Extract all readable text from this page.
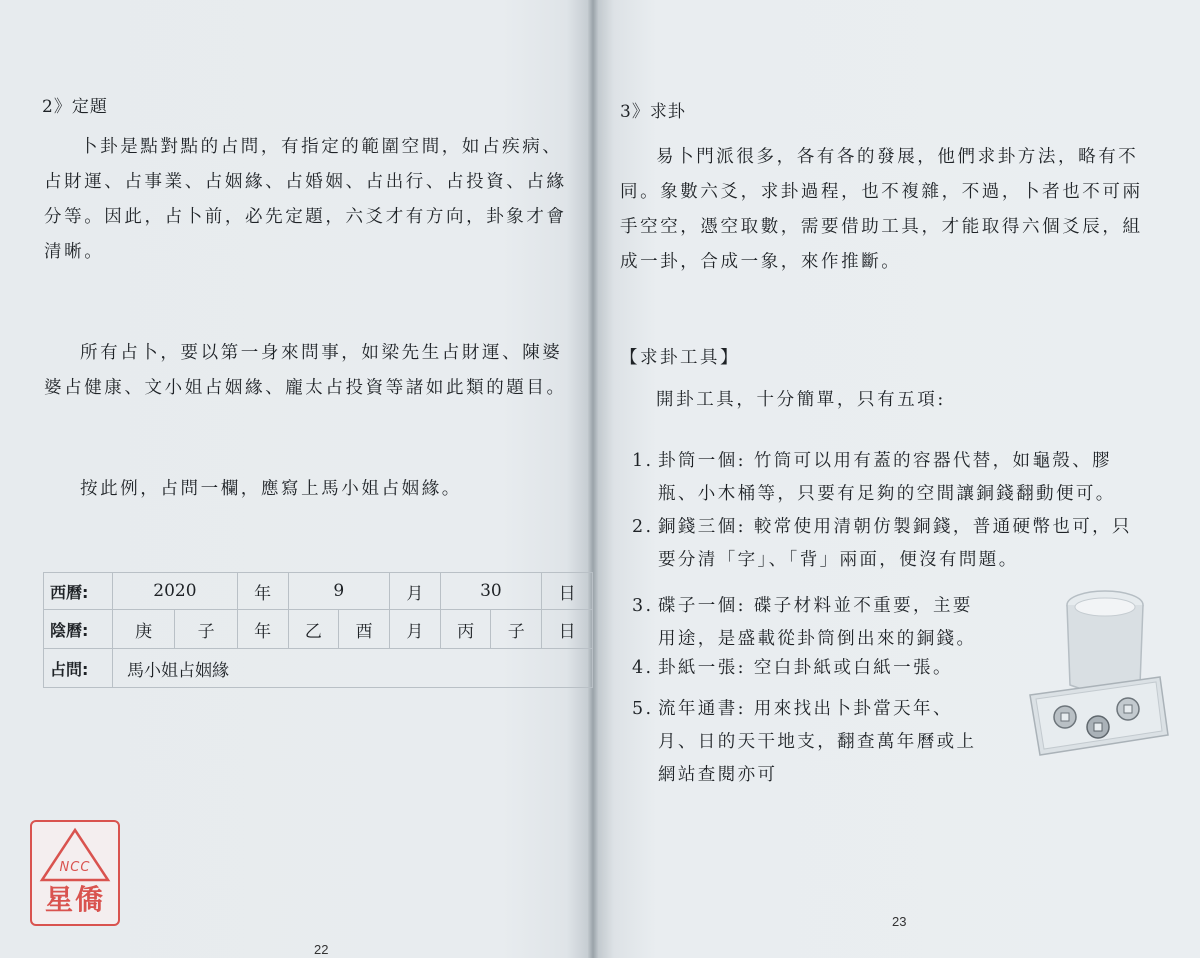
2》定題
卜卦是點對點的占問，有指定的範圍空間，如占疾病、
占財運、占事業、占姻緣、占婚姻、占出行、占投資、占緣
分等。因此，占卜前，必先定題，六爻才有方向，卦象才會
清晰。
所有占卜，要以第一身來問事，如梁先生占財運、陳婆
婆占健康、文小姐占姻緣、龐太占投資等諸如此類的題目。
按此例，占問一欄，應寫上馬小姐占姻緣。
西曆:	2020		年	9		月	30		日
陰曆:	庚	子	年	乙	酉	月	丙	子	日
占問:	馬小姐占姻緣								
22
NCC
星僑
3》求卦
易卜門派很多，各有各的發展，他們求卦方法，略有不
同。象數六爻，求卦過程，也不複雜，不過，卜者也不可兩
手空空，憑空取數，需要借助工具，才能取得六個爻辰，組
成一卦，合成一象，來作推斷。
【求卦工具】
開卦工具，十分簡單，只有五項:
1. 卦筒一個: 竹筒可以用有蓋的容器代替，如龜殼、膠
瓶、小木桶等，只要有足夠的空間讓銅錢翻動便可。
2. 銅錢三個: 較常使用清朝仿製銅錢，普通硬幣也可，只
要分清「字」、「背」兩面，便沒有問題。
3. 碟子一個: 碟子材料並不重要，主要
用途，是盛載從卦筒倒出來的銅錢。
4. 卦紙一張: 空白卦紙或白紙一張。
5. 流年通書: 用來找出卜卦當天年、
月、日的天干地支，翻查萬年曆或上
網站查閱亦可
23
